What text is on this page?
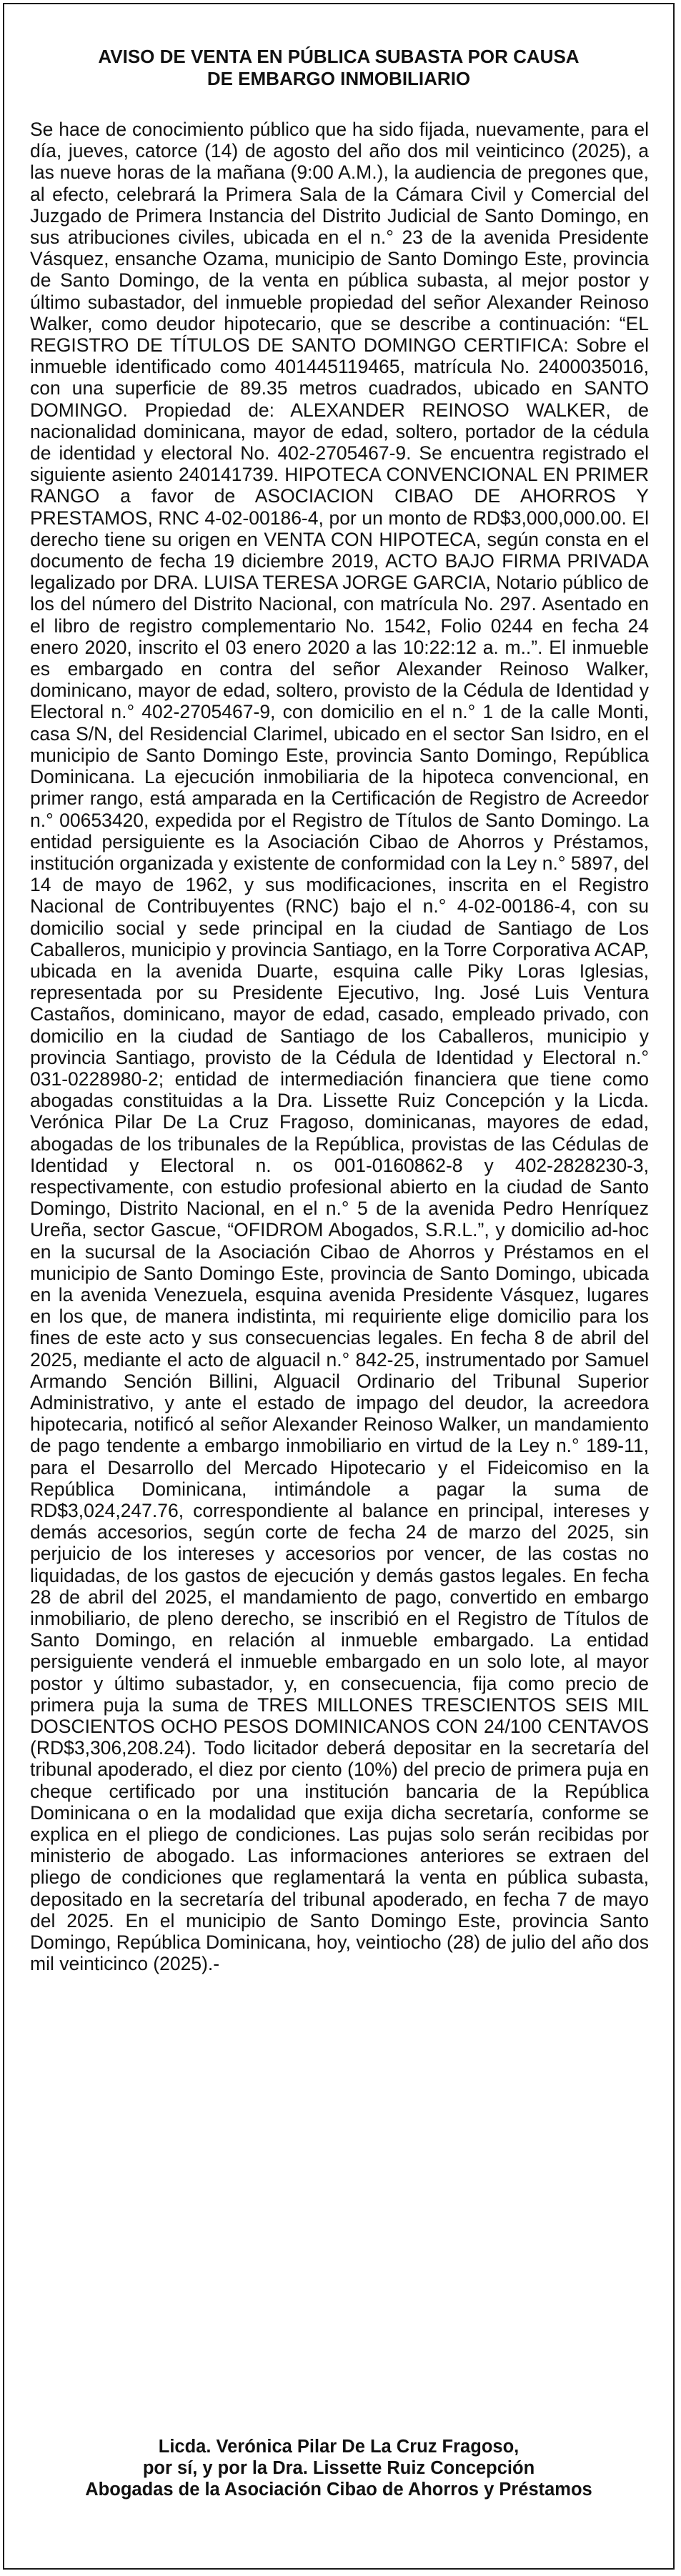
AVISO DE VENTA EN PÚBLICA SUBASTA POR CAUSA
DE EMBARGO INMOBILIARIO
Se hace de conocimiento público que ha sido fijada, nuevamente, para el día, jueves, catorce (14) de agosto del año dos mil veinticinco (2025), a las nueve horas de la mañana (9:00 A.M.), la audiencia de pregones que, al efecto, celebrará la Primera Sala de la Cámara Civil y Comercial del Juzgado de Primera Instancia del Distrito Judicial de Santo Domingo, en sus atribuciones civiles, ubicada en el n.° 23 de la avenida Presidente Vásquez, ensanche Ozama, municipio de Santo Domingo Este, provincia de Santo Domingo, de la venta en pública subasta, al mejor postor y último subastador, del inmueble propiedad del señor Alexander Reinoso Walker, como deudor hipotecario, que se describe a continuación: “EL REGISTRO DE TÍTULOS DE SANTO DOMINGO CERTIFICA: Sobre el inmueble identificado como 401445119465, matrícula No. 2400035016, con una superficie de 89.35 metros cuadrados, ubicado en SANTO DOMINGO. Propiedad de: ALEXANDER REINOSO WALKER, de nacionalidad dominicana, mayor de edad, soltero, portador de la cédula de identidad y electoral No. 402-2705467-9. Se encuentra registrado el siguiente asiento 240141739. HIPOTECA CONVENCIONAL EN PRIMER RANGO a favor de ASOCIACION CIBAO DE AHORROS Y PRESTAMOS, RNC 4-02-00186-4, por un monto de RD$3,000,000.00. El derecho tiene su origen en VENTA CON HIPOTECA, según consta en el documento de fecha 19 diciembre 2019, ACTO BAJO FIRMA PRIVADA legalizado por DRA. LUISA TERESA JORGE GARCIA, Notario público de los del número del Distrito Nacional, con matrícula No. 297. Asentado en el libro de registro complementario No. 1542, Folio 0244 en fecha 24 enero 2020, inscrito el 03 enero 2020 a las 10:22:12 a. m..”. El inmueble es embargado en contra del señor Alexander Reinoso Walker, dominicano, mayor de edad, soltero, provisto de la Cédula de Identidad y Electoral n.° 402-2705467-9, con domicilio en el n.° 1 de la calle Monti, casa S/N, del Residencial Clarimel, ubicado en el sector San Isidro, en el municipio de Santo Domingo Este, provincia Santo Domingo, República Dominicana. La ejecución inmobiliaria de la hipoteca convencional, en primer rango, está amparada en la Certificación de Registro de Acreedor n.° 00653420, expedida por el Registro de Títulos de Santo Domingo. La entidad persiguiente es la Asociación Cibao de Ahorros y Préstamos, institución organizada y existente de conformidad con la Ley n.° 5897, del 14 de mayo de 1962, y sus modificaciones, inscrita en el Registro Nacional de Contribuyentes (RNC) bajo el n.° 4-02-00186-4, con su domicilio social y sede principal en la ciudad de Santiago de Los Caballeros, municipio y provincia Santiago, en la Torre Corporativa ACAP, ubicada en la avenida Duarte, esquina calle Piky Loras Iglesias, representada por su Presidente Ejecutivo, Ing. José Luis Ventura Castaños, dominicano, mayor de edad, casado, empleado privado, con domicilio en la ciudad de Santiago de los Caballeros, municipio y provincia Santiago, provisto de la Cédula de Identidad y Electoral n.° 031-0228980-2; entidad de intermediación financiera que tiene como abogadas constituidas a la Dra. Lissette Ruiz Concepción y la Licda. Verónica Pilar De La Cruz Fragoso, dominicanas, mayores de edad, abogadas de los tribunales de la República, provistas de las Cédulas de Identidad y Electoral n. os 001-0160862-8 y 402-2828230-3, respectivamente, con estudio profesional abierto en la ciudad de Santo Domingo, Distrito Nacional, en el n.° 5 de la avenida Pedro Henríquez Ureña, sector Gascue, “OFIDROM Abogados, S.R.L.”, y domicilio ad-hoc en la sucursal de la Asociación Cibao de Ahorros y Préstamos en el municipio de Santo Domingo Este, provincia de Santo Domingo, ubicada en la avenida Venezuela, esquina avenida Presidente Vásquez, lugares en los que, de manera indistinta, mi requiriente elige domicilio para los fines de este acto y sus consecuencias legales. En fecha 8 de abril del 2025, mediante el acto de alguacil n.° 842-25, instrumentado por Samuel Armando Sención Billini, Alguacil Ordinario del Tribunal Superior Administrativo, y ante el estado de impago del deudor, la acreedora hipotecaria, notificó al señor Alexander Reinoso Walker, un mandamiento de pago tendente a embargo inmobiliario en virtud de la Ley n.° 189-11, para el Desarrollo del Mercado Hipotecario y el Fideicomiso en la República Dominicana, intimándole a pagar la suma de RD$3,024,247.76, correspondiente al balance en principal, intereses y demás accesorios, según corte de fecha 24 de marzo del 2025, sin perjuicio de los intereses y accesorios por vencer, de las costas no liquidadas, de los gastos de ejecución y demás gastos legales. En fecha 28 de abril del 2025, el mandamiento de pago, convertido en embargo inmobiliario, de pleno derecho, se inscribió en el Registro de Títulos de Santo Domingo, en relación al inmueble embargado. La entidad persiguiente venderá el inmueble embargado en un solo lote, al mayor postor y último subastador, y, en consecuencia, fija como precio de primera puja la suma de TRES MILLONES TRESCIENTOS SEIS MIL DOSCIENTOS OCHO PESOS DOMINICANOS CON 24/100 CENTAVOS (RD$3,306,208.24). Todo licitador deberá depositar en la secretaría del tribunal apoderado, el diez por ciento (10%) del precio de primera puja en cheque certificado por una institución bancaria de la República Dominicana o en la modalidad que exija dicha secretaría, conforme se explica en el pliego de condiciones. Las pujas solo serán recibidas por ministerio de abogado. Las informaciones anteriores se extraen del pliego de condiciones que reglamentará la venta en pública subasta, depositado en la secretaría del tribunal apoderado, en fecha 7 de mayo del 2025. En el municipio de Santo Domingo Este, provincia Santo Domingo, República Dominicana, hoy, veintiocho (28) de julio del año dos mil veinticinco (2025).-
Licda. Verónica Pilar De La Cruz Fragoso,
por sí, y por la Dra. Lissette Ruiz Concepción
Abogadas de la Asociación Cibao de Ahorros y Préstamos
